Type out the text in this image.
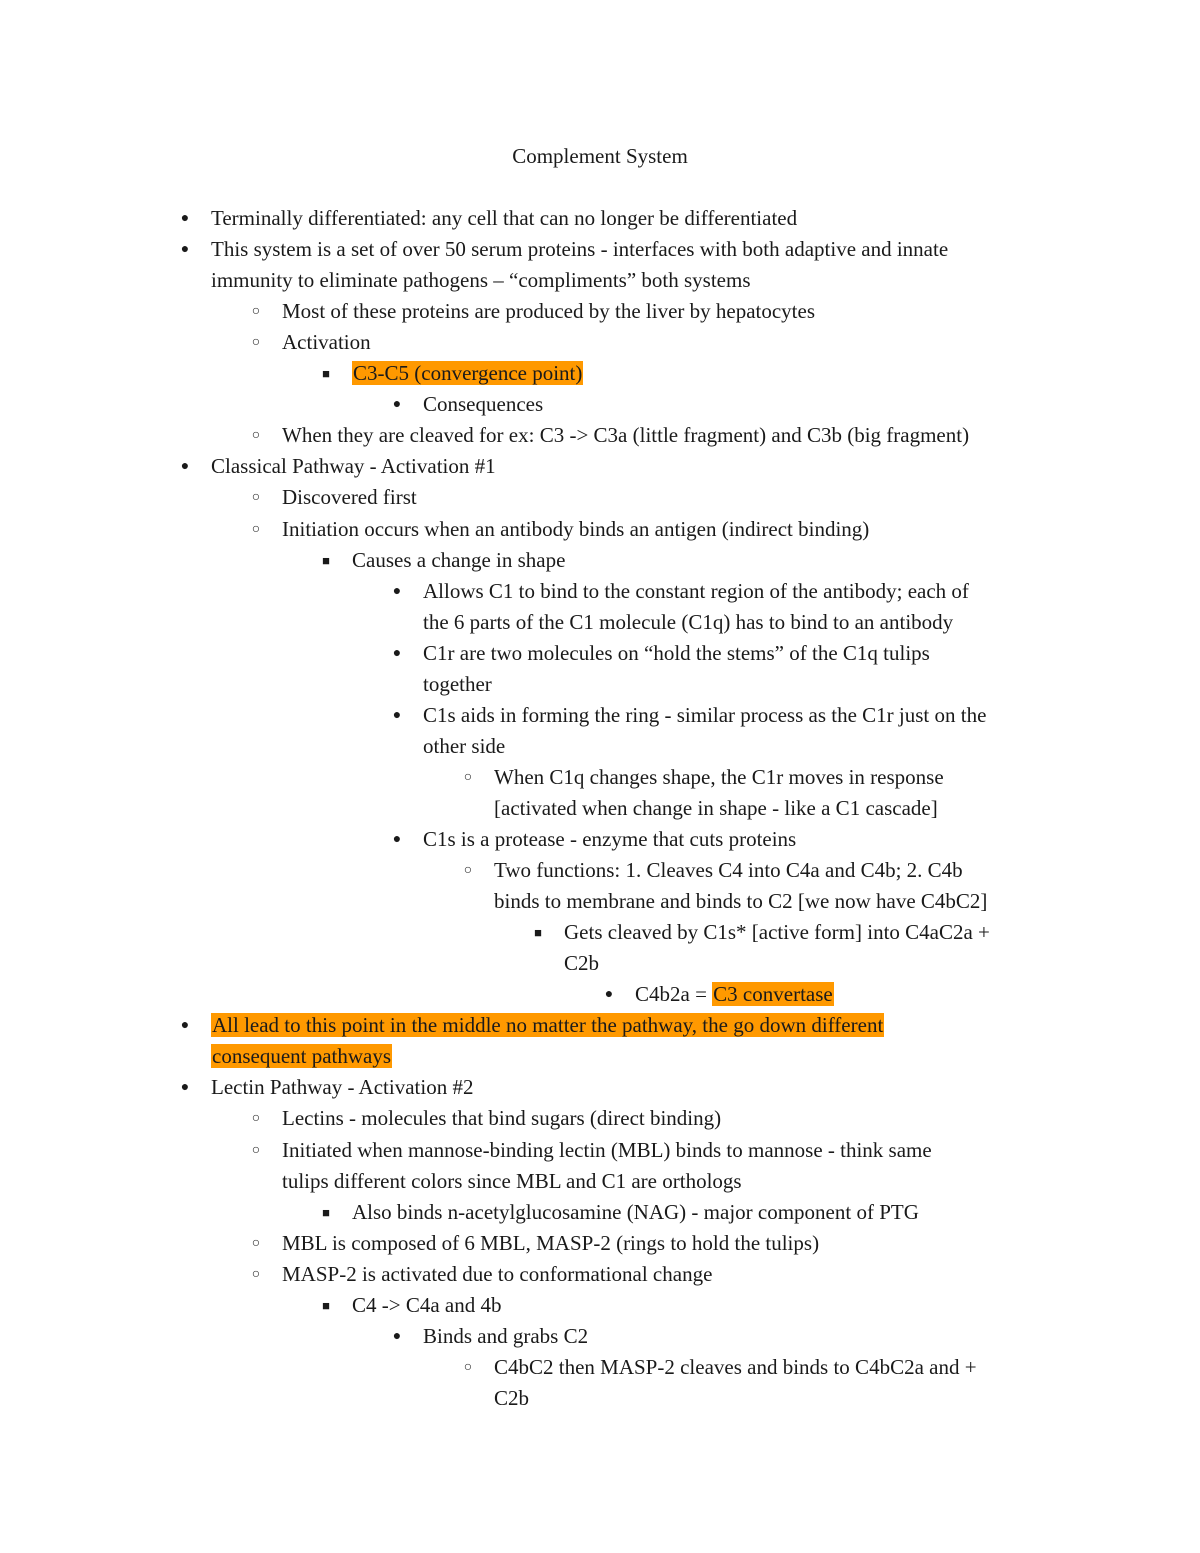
Complement System
● Terminally differentiated: any cell that can no longer be differentiated
● This system is a set of over 50 serum proteins - interfaces with both adaptive and innate
immunity to eliminate pathogens – “compliments” both systems
○ Most of these proteins are produced by the liver by hepatocytes
○ Activation
■ C3-C5 (convergence point)
● Consequences
○ When they are cleaved for ex: C3 -> C3a (little fragment) and C3b (big fragment)
● Classical Pathway - Activation #1
○ Discovered first
○ Initiation occurs when an antibody binds an antigen (indirect binding)
■ Causes a change in shape
● Allows C1 to bind to the constant region of the antibody; each of
the 6 parts of the C1 molecule (C1q) has to bind to an antibody
● C1r are two molecules on “hold the stems” of the C1q tulips
together
● C1s aids in forming the ring - similar process as the C1r just on the
other side
○ When C1q changes shape, the C1r moves in response
[activated when change in shape - like a C1 cascade]
● C1s is a protease - enzyme that cuts proteins
○ Two functions: 1. Cleaves C4 into C4a and C4b; 2. C4b
binds to membrane and binds to C2 [we now have C4bC2]
■ Gets cleaved by C1s* [active form] into C4aC2a +
C2b
● C4b2a = C3 convertase
● All lead to this point in the middle no matter the pathway, the go down different
consequent pathways
● Lectin Pathway - Activation #2
○ Lectins - molecules that bind sugars (direct binding)
○ Initiated when mannose-binding lectin (MBL) binds to mannose - think same
tulips different colors since MBL and C1 are orthologs
■ Also binds n-acetylglucosamine (NAG) - major component of PTG
○ MBL is composed of 6 MBL, MASP-2 (rings to hold the tulips)
○ MASP-2 is activated due to conformational change
■ C4 -> C4a and 4b
● Binds and grabs C2
○ C4bC2 then MASP-2 cleaves and binds to C4bC2a and +
C2b
